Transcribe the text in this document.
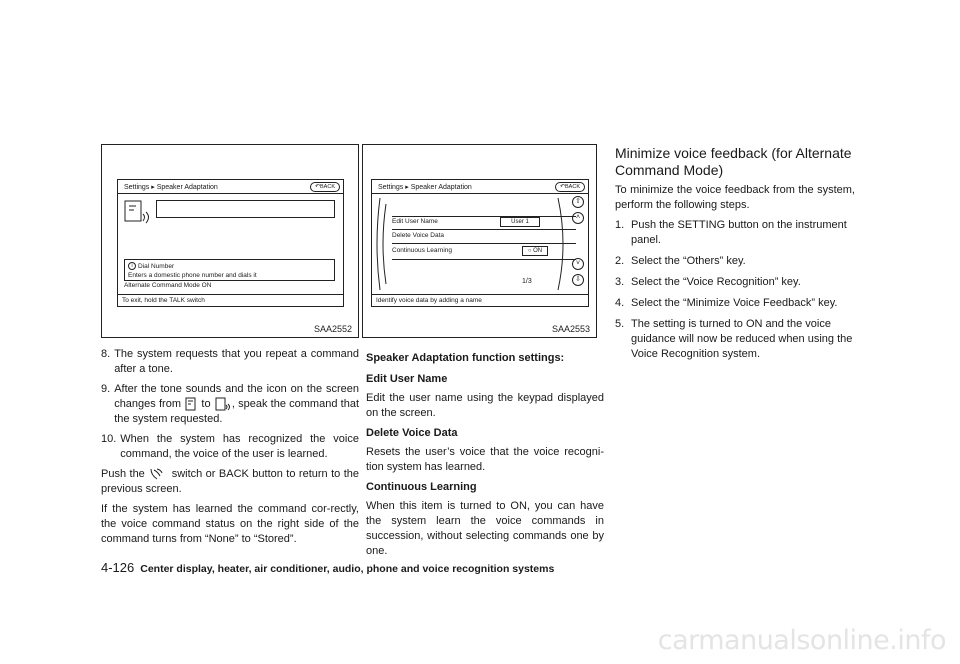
Settings ▸ Speaker Adaptation	↶BACK
i Dial Number
Enters a domestic phone number and dials it
Alternate Command Mode ON
To exit, hold the TALK switch
SAA2552
Settings ▸ Speaker Adaptation	↶BACK
Edit User Name	User 1
Delete Voice Data
Continuous Learning	○ ON
1/3
⇧
˄
˅
⇩
Identify voice data by adding a name
SAA2553
8. The system requests that you repeat a command after a tone.
9. After the tone sounds and the icon on the screen changes from to , speak the command that the system requested.
10. When the system has recognized the voice command, the voice of the user is learned.
Push the switch or BACK button to return to the previous screen.
If the system has learned the command cor-rectly, the voice command status on the right side of the command turns from “None” to “Stored”.
Speaker Adaptation function settings:
Edit User Name
Edit the user name using the keypad displayed on the screen.
Delete Voice Data
Resets the user’s voice that the voice recogni-tion system has learned.
Continuous Learning
When this item is turned to ON, you can have the system learn the voice commands in succession, without selecting commands one by one.
Minimize voice feedback (for Alternate Command Mode)
To minimize the voice feedback from the system, perform the following steps.
1. Push the SETTING button on the instrument panel.
2. Select the “Others” key.
3. Select the “Voice Recognition” key.
4. Select the “Minimize Voice Feedback” key.
5. The setting is turned to ON and the voice guidance will now be reduced when using the Voice Recognition system.
4-126 Center display, heater, air conditioner, audio, phone and voice recognition systems
carmanualsonline.info
